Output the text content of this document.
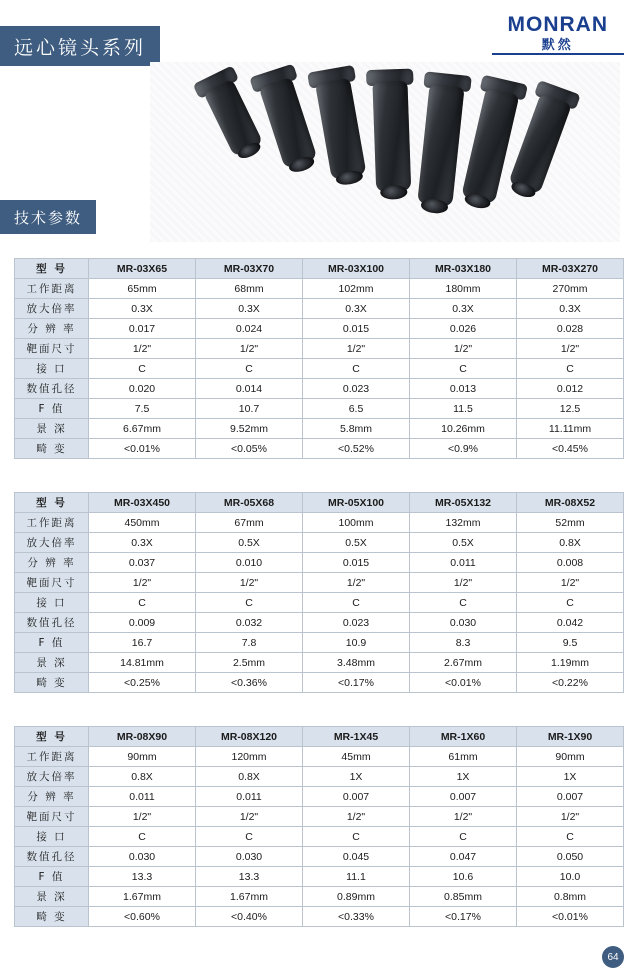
MONRAN
默然
远心镜头系列
技术参数
型 号	MR-03X65	MR-03X70	MR-03X100	MR-03X180	MR-03X270
工作距离	65mm	68mm	102mm	180mm	270mm
放大倍率	0.3X	0.3X	0.3X	0.3X	0.3X
分 辨 率	0.017	0.024	0.015	0.026	0.028
靶面尺寸	1/2"	1/2"	1/2"	1/2"	1/2"
接 口	C	C	C	C	C
数值孔径	0.020	0.014	0.023	0.013	0.012
F 值	7.5	10.7	6.5	11.5	12.5
景 深	6.67mm	9.52mm	5.8mm	10.26mm	11.11mm
畸 变	<0.01%	<0.05%	<0.52%	<0.9%	<0.45%
型 号	MR-03X450	MR-05X68	MR-05X100	MR-05X132	MR-08X52
工作距离	450mm	67mm	100mm	132mm	52mm
放大倍率	0.3X	0.5X	0.5X	0.5X	0.8X
分 辨 率	0.037	0.010	0.015	0.011	0.008
靶面尺寸	1/2"	1/2"	1/2"	1/2"	1/2"
接 口	C	C	C	C	C
数值孔径	0.009	0.032	0.023	0.030	0.042
F 值	16.7	7.8	10.9	8.3	9.5
景 深	14.81mm	2.5mm	3.48mm	2.67mm	1.19mm
畸 变	<0.25%	<0.36%	<0.17%	<0.01%	<0.22%
型 号	MR-08X90	MR-08X120	MR-1X45	MR-1X60	MR-1X90
工作距离	90mm	120mm	45mm	61mm	90mm
放大倍率	0.8X	0.8X	1X	1X	1X
分 辨 率	0.011	0.011	0.007	0.007	0.007
靶面尺寸	1/2"	1/2"	1/2"	1/2"	1/2"
接 口	C	C	C	C	C
数值孔径	0.030	0.030	0.045	0.047	0.050
F 值	13.3	13.3	11.1	10.6	10.0
景 深	1.67mm	1.67mm	0.89mm	0.85mm	0.8mm
畸 变	<0.60%	<0.40%	<0.33%	<0.17%	<0.01%
64
